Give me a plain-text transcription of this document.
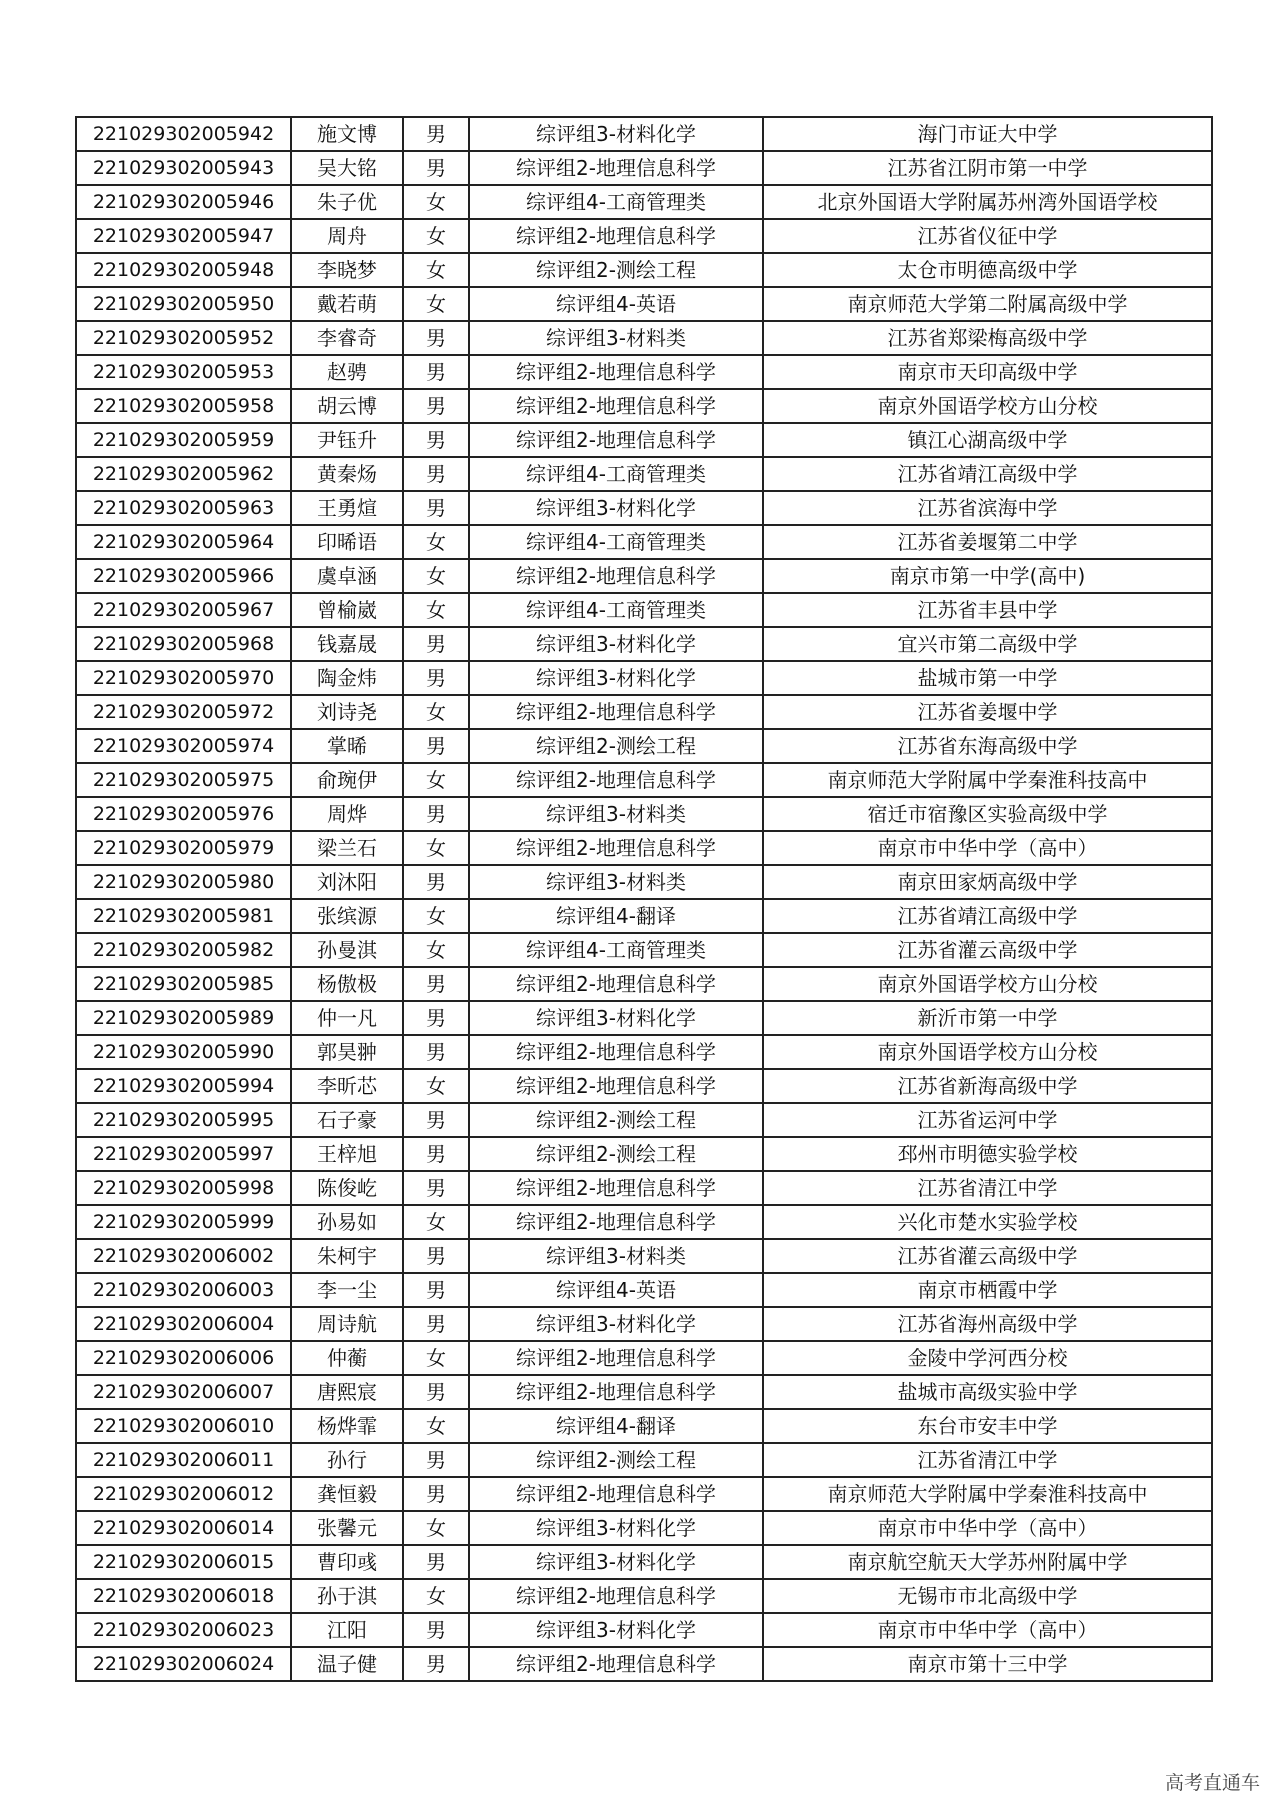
221029302005942	施文博	男	综评组3-材料化学	海门市证大中学
221029302005943	吴大铭	男	综评组2-地理信息科学	江苏省江阴市第一中学
221029302005946	朱子优	女	综评组4-工商管理类	北京外国语大学附属苏州湾外国语学校
221029302005947	周舟	女	综评组2-地理信息科学	江苏省仪征中学
221029302005948	李晓梦	女	综评组2-测绘工程	太仓市明德高级中学
221029302005950	戴若萌	女	综评组4-英语	南京师范大学第二附属高级中学
221029302005952	李睿奇	男	综评组3-材料类	江苏省郑梁梅高级中学
221029302005953	赵骋	男	综评组2-地理信息科学	南京市天印高级中学
221029302005958	胡云博	男	综评组2-地理信息科学	南京外国语学校方山分校
221029302005959	尹钰升	男	综评组2-地理信息科学	镇江心湖高级中学
221029302005962	黄秦炀	男	综评组4-工商管理类	江苏省靖江高级中学
221029302005963	王勇煊	男	综评组3-材料化学	江苏省滨海中学
221029302005964	印晞语	女	综评组4-工商管理类	江苏省姜堰第二中学
221029302005966	虞卓涵	女	综评组2-地理信息科学	南京市第一中学(高中)
221029302005967	曾榆崴	女	综评组4-工商管理类	江苏省丰县中学
221029302005968	钱嘉晟	男	综评组3-材料化学	宜兴市第二高级中学
221029302005970	陶金炜	男	综评组3-材料化学	盐城市第一中学
221029302005972	刘诗尧	女	综评组2-地理信息科学	江苏省姜堰中学
221029302005974	掌晞	男	综评组2-测绘工程	江苏省东海高级中学
221029302005975	俞琬伊	女	综评组2-地理信息科学	南京师范大学附属中学秦淮科技高中
221029302005976	周烨	男	综评组3-材料类	宿迁市宿豫区实验高级中学
221029302005979	梁兰石	女	综评组2-地理信息科学	南京市中华中学（高中）
221029302005980	刘沐阳	男	综评组3-材料类	南京田家炳高级中学
221029302005981	张缤源	女	综评组4-翻译	江苏省靖江高级中学
221029302005982	孙曼淇	女	综评组4-工商管理类	江苏省灌云高级中学
221029302005985	杨傲极	男	综评组2-地理信息科学	南京外国语学校方山分校
221029302005989	仲一凡	男	综评组3-材料化学	新沂市第一中学
221029302005990	郭昊翀	男	综评组2-地理信息科学	南京外国语学校方山分校
221029302005994	李昕芯	女	综评组2-地理信息科学	江苏省新海高级中学
221029302005995	石子豪	男	综评组2-测绘工程	江苏省运河中学
221029302005997	王梓旭	男	综评组2-测绘工程	邳州市明德实验学校
221029302005998	陈俊屹	男	综评组2-地理信息科学	江苏省清江中学
221029302005999	孙易如	女	综评组2-地理信息科学	兴化市楚水实验学校
221029302006002	朱柯宇	男	综评组3-材料类	江苏省灌云高级中学
221029302006003	李一尘	男	综评组4-英语	南京市栖霞中学
221029302006004	周诗航	男	综评组3-材料化学	江苏省海州高级中学
221029302006006	仲蘅	女	综评组2-地理信息科学	金陵中学河西分校
221029302006007	唐熙宸	男	综评组2-地理信息科学	盐城市高级实验中学
221029302006010	杨烨霏	女	综评组4-翻译	东台市安丰中学
221029302006011	孙行	男	综评组2-测绘工程	江苏省清江中学
221029302006012	龚恒毅	男	综评组2-地理信息科学	南京师范大学附属中学秦淮科技高中
221029302006014	张馨元	女	综评组3-材料化学	南京市中华中学（高中）
221029302006015	曹印彧	男	综评组3-材料化学	南京航空航天大学苏州附属中学
221029302006018	孙于淇	女	综评组2-地理信息科学	无锡市市北高级中学
221029302006023	江阳	男	综评组3-材料化学	南京市中华中学（高中）
221029302006024	温子健	男	综评组2-地理信息科学	南京市第十三中学
高考直通车
